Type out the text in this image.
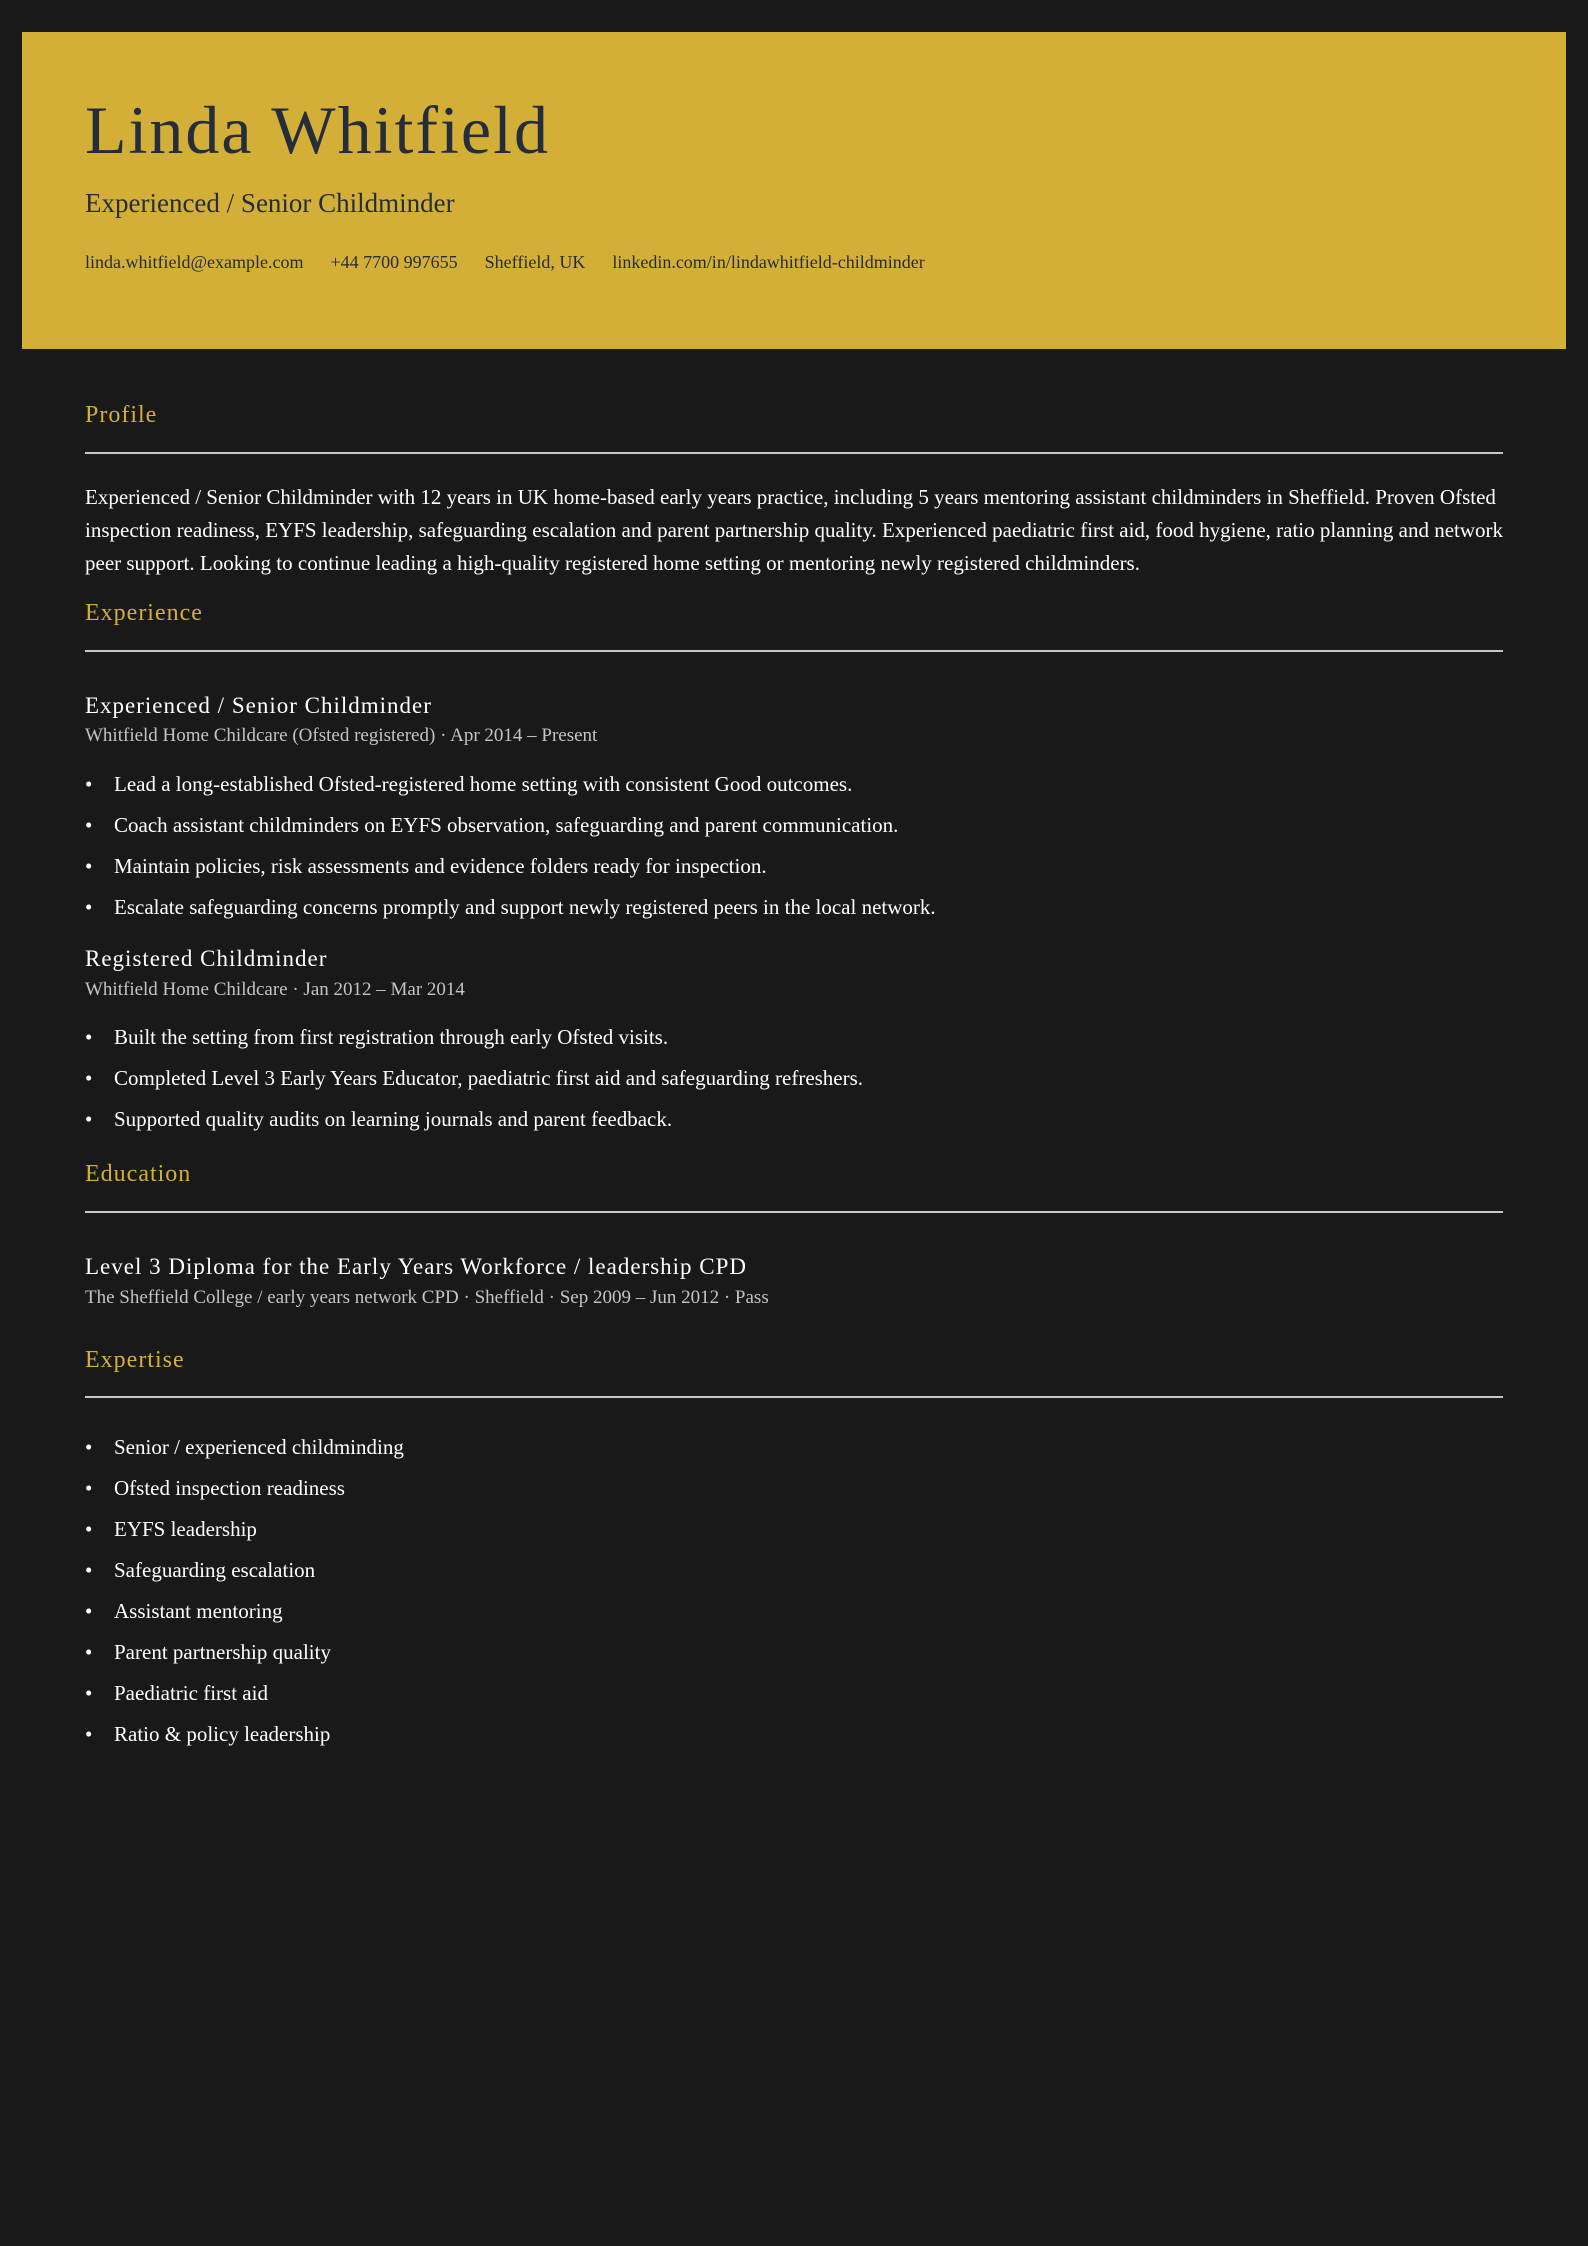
Linda Whitfield
Experienced / Senior Childminder
linda.whitfield@example.com +44 7700 997655 Sheffield, UK linkedin.com/in/lindawhitfield-childminder
Profile

Experienced / Senior Childminder with 12 years in UK home-based early years practice, including 5 years mentoring assistant childminders in Sheffield. Proven Ofsted inspection readiness, EYFS leadership, safeguarding escalation and parent partnership quality. Experienced paediatric first aid, food hygiene, ratio planning and network peer support. Looking to continue leading a high-quality registered home setting or mentoring newly registered childminders.

Experience
Experienced / Senior Childminder

Whitfield Home Childcare (Ofsted registered) · Apr 2014 – Present

• Lead a long-established Ofsted-registered home setting with consistent Good outcomes.
• Coach assistant childminders on EYFS observation, safeguarding and parent communication.
• Maintain policies, risk assessments and evidence folders ready for inspection.
• Escalate safeguarding concerns promptly and support newly registered peers in the local network.
Registered Childminder

Whitfield Home Childcare · Jan 2012 – Mar 2014

• Built the setting from first registration through early Ofsted visits.
• Completed Level 3 Early Years Educator, paediatric first aid and safeguarding refreshers.
• Supported quality audits on learning journals and parent feedback.
Education
Level 3 Diploma for the Early Years Workforce / leadership CPD

The Sheffield College / early years network CPD · Sheffield · Sep 2009 – Jun 2012 · Pass

Expertise
• Senior / experienced childminding
• Ofsted inspection readiness
• EYFS leadership
• Safeguarding escalation
• Assistant mentoring
• Parent partnership quality
• Paediatric first aid
• Ratio & policy leadership
